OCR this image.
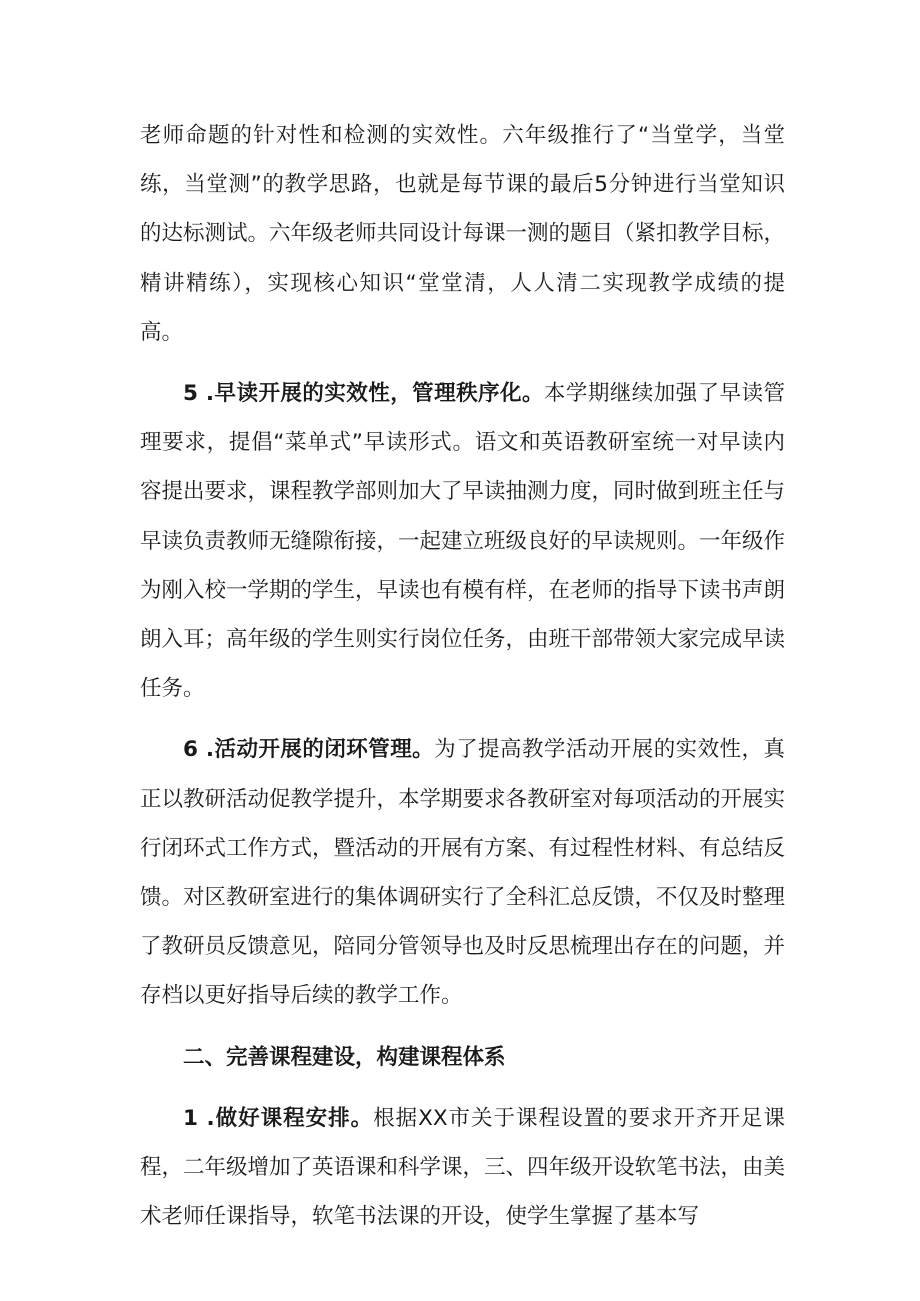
老师命题的针对性和检测的实效性。六年级推行了“当堂学，当堂练，当堂测”的教学思路，也就是每节课的最后5分钟进行当堂知识的达标测试。六年级老师共同设计每课一测的题目（紧扣教学目标，精讲精练），实现核心知识“堂堂清，人人清二实现教学成绩的提高。

5 .早读开展的实效性，管理秩序化。本学期继续加强了早读管理要求，提倡“菜单式”早读形式。语文和英语教研室统一对早读内容提出要求，课程教学部则加大了早读抽测力度，同时做到班主任与早读负责教师无缝隙衔接，一起建立班级良好的早读规则。一年级作为刚入校一学期的学生，早读也有模有样，在老师的指导下读书声朗朗入耳；高年级的学生则实行岗位任务，由班干部带领大家完成早读任务。

6 .活动开展的闭环管理。为了提高教学活动开展的实效性，真正以教研活动促教学提升，本学期要求各教研室对每项活动的开展实行闭环式工作方式，暨活动的开展有方案、有过程性材料、有总结反馈。对区教研室进行的集体调研实行了全科汇总反馈，不仅及时整理了教研员反馈意见，陪同分管领导也及时反思梳理出存在的问题，并存档以更好指导后续的教学工作。

二、完善课程建设，构建课程体系

1 .做好课程安排。根据XX市关于课程设置的要求开齐开足课程，二年级增加了英语课和科学课，三、四年级开设软笔书法，由美术老师任课指导，软笔书法课的开设，使学生掌握了基本写
